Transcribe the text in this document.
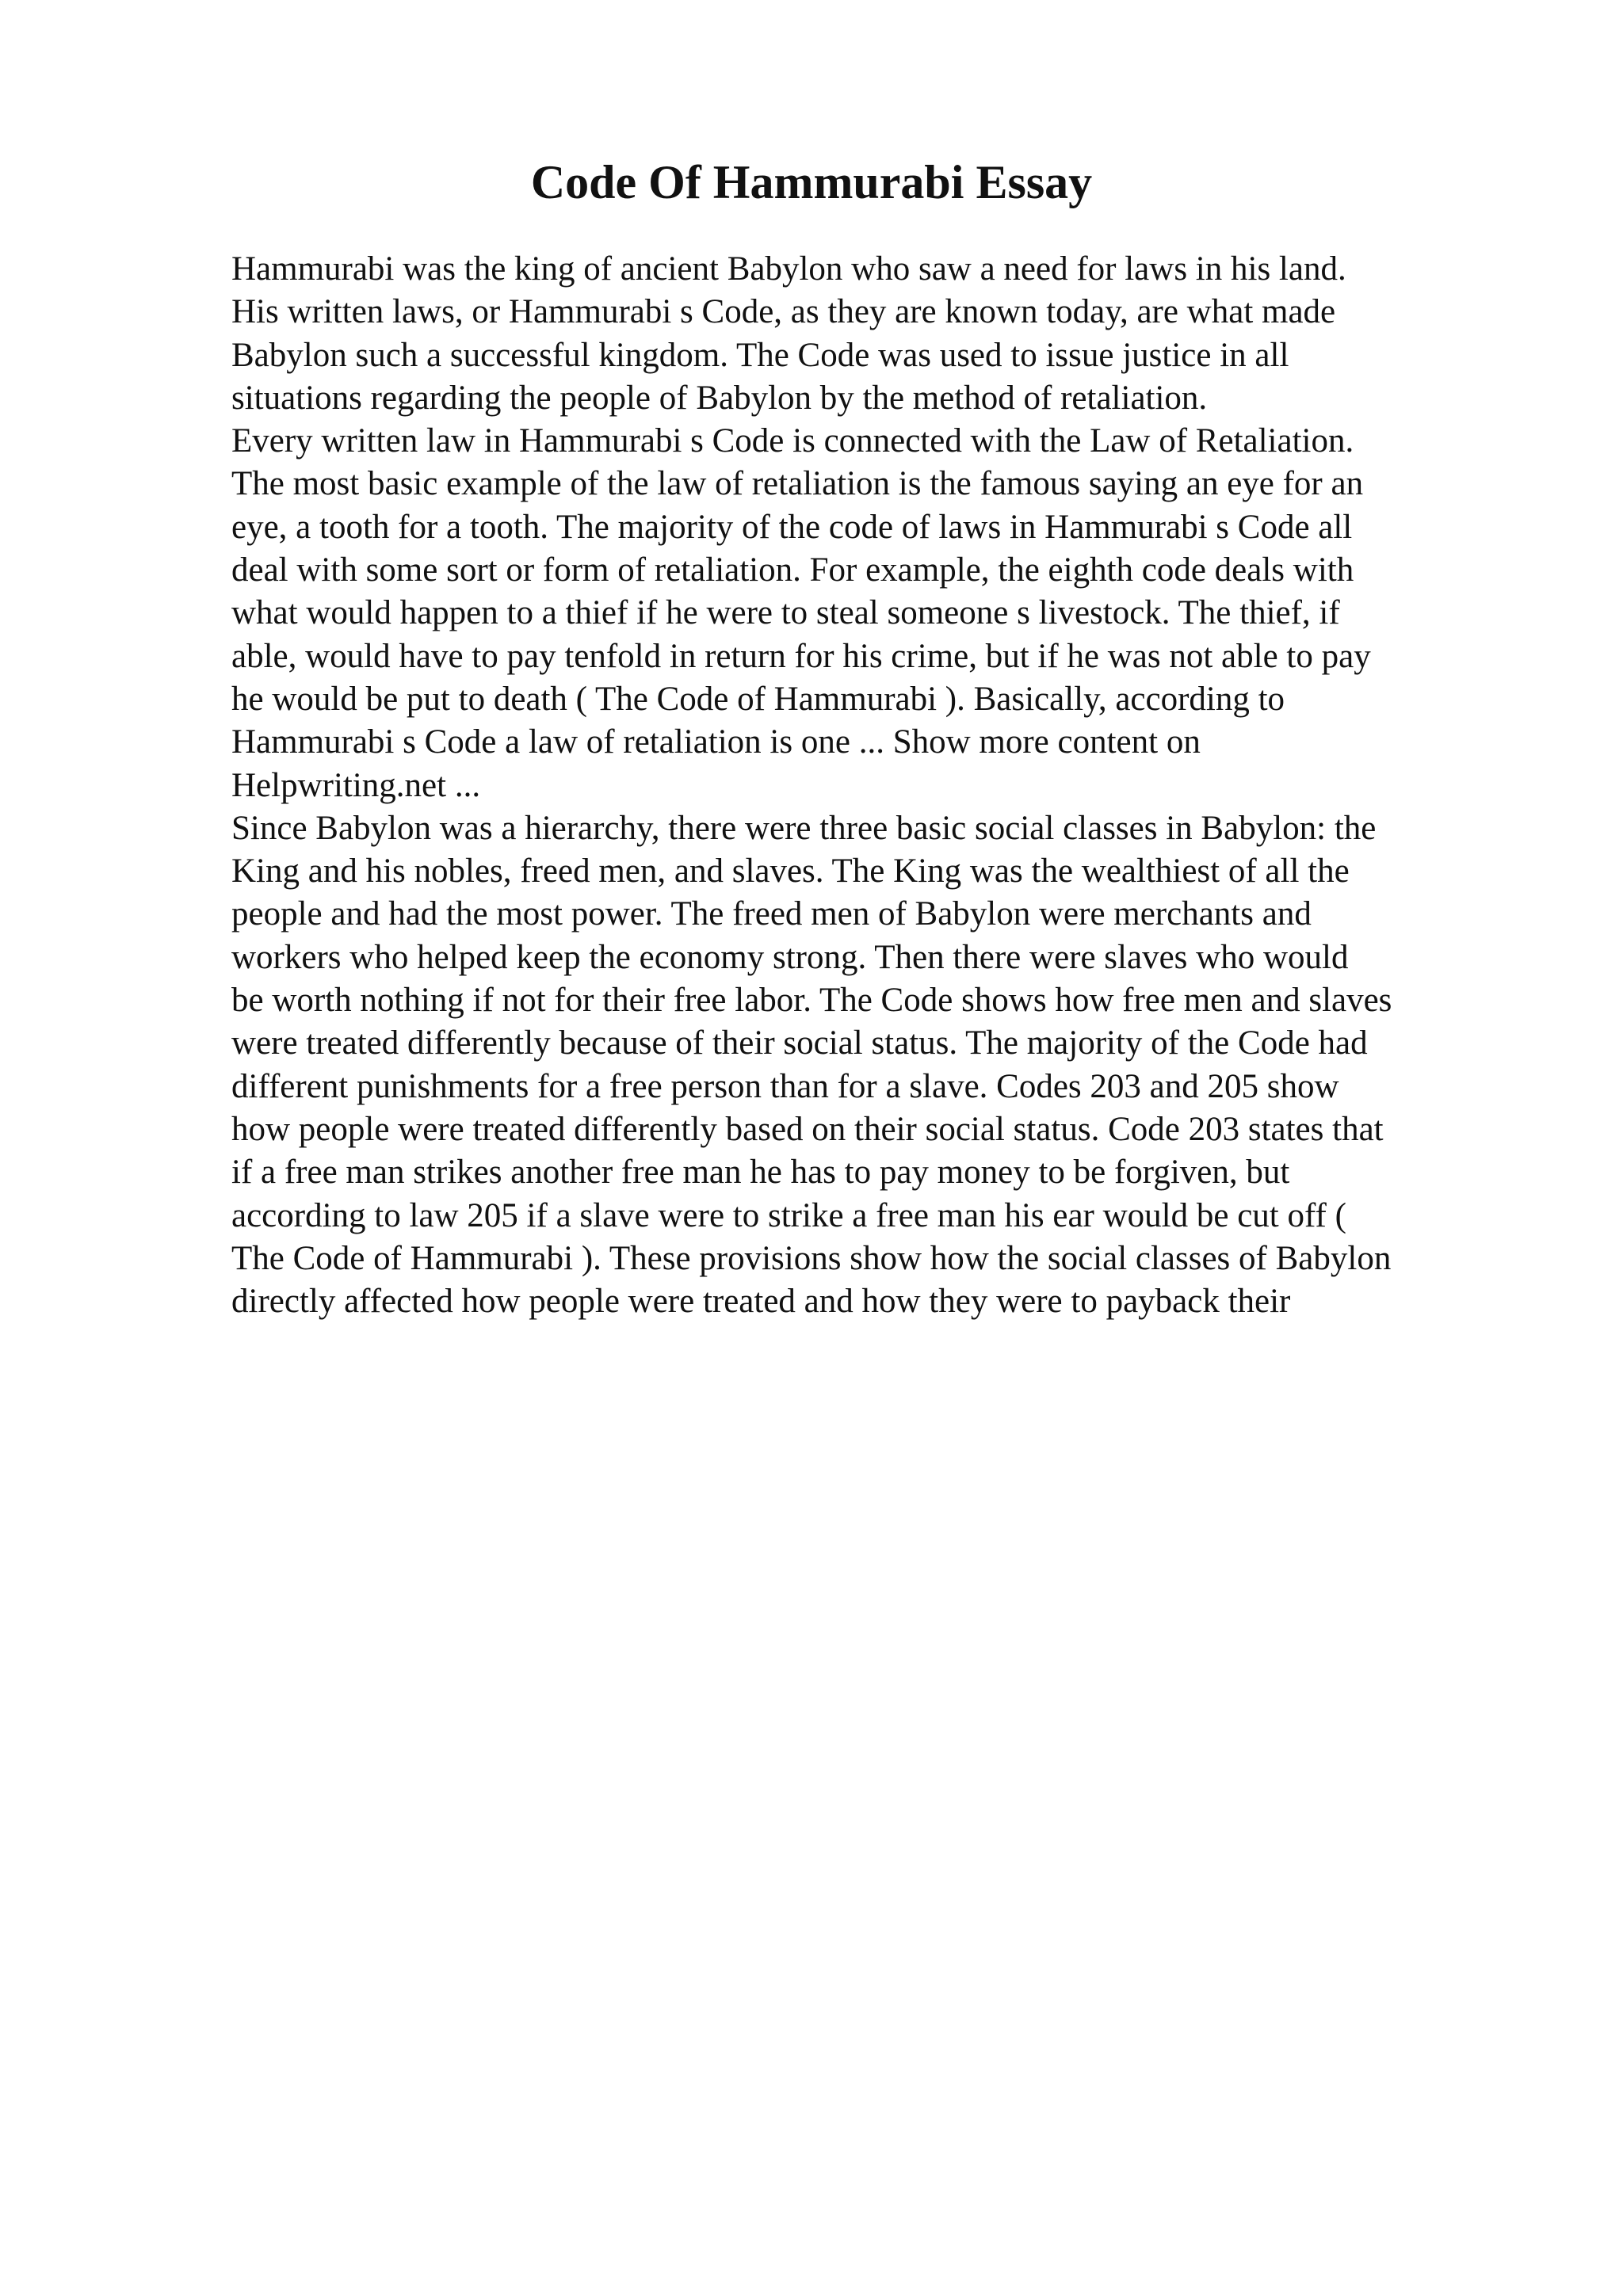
Code Of Hammurabi Essay
Hammurabi was the king of ancient Babylon who saw a need for laws in his land.
His written laws, or Hammurabi s Code, as they are known today, are what made
Babylon such a successful kingdom. The Code was used to issue justice in all
situations regarding the people of Babylon by the method of retaliation.
Every written law in Hammurabi s Code is connected with the Law of Retaliation.
The most basic example of the law of retaliation is the famous saying an eye for an
eye, a tooth for a tooth. The majority of the code of laws in Hammurabi s Code all
deal with some sort or form of retaliation. For example, the eighth code deals with
what would happen to a thief if he were to steal someone s livestock. The thief, if
able, would have to pay tenfold in return for his crime, but if he was not able to pay
he would be put to death ( The Code of Hammurabi ). Basically, according to
Hammurabi s Code a law of retaliation is one ... Show more content on
Helpwriting.net ...
Since Babylon was a hierarchy, there were three basic social classes in Babylon: the
King and his nobles, freed men, and slaves. The King was the wealthiest of all the
people and had the most power. The freed men of Babylon were merchants and
workers who helped keep the economy strong. Then there were slaves who would
be worth nothing if not for their free labor. The Code shows how free men and slaves
were treated differently because of their social status. The majority of the Code had
different punishments for a free person than for a slave. Codes 203 and 205 show
how people were treated differently based on their social status. Code 203 states that
if a free man strikes another free man he has to pay money to be forgiven, but
according to law 205 if a slave were to strike a free man his ear would be cut off (
The Code of Hammurabi ). These provisions show how the social classes of Babylon
directly affected how people were treated and how they were to payback their
